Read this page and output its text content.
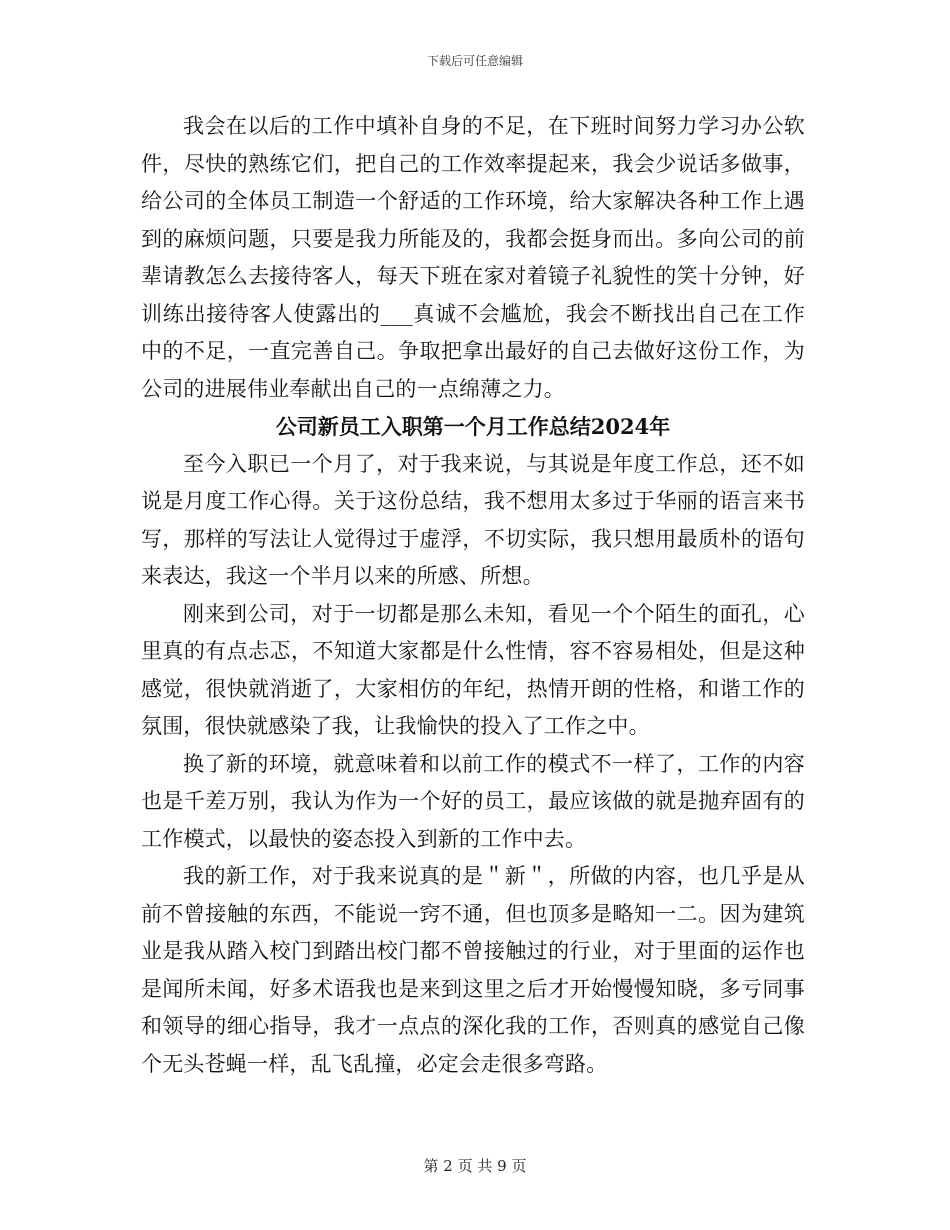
下载后可任意编辑

我会在以后的工作中填补自身的不足，在下班时间努力学习办公软件，尽快的熟练它们，把自己的工作效率提起来，我会少说话多做事，给公司的全体员工制造一个舒适的工作环境，给大家解决各种工作上遇到的麻烦问题，只要是我力所能及的，我都会挺身而出。多向公司的前辈请教怎么去接待客人，每天下班在家对着镜子礼貌性的笑十分钟，好训练出接待客人使露出的___真诚不会尴尬，我会不断找出自己在工作中的不足，一直完善自己。争取把拿出最好的自己去做好这份工作，为公司的进展伟业奉献出自己的一点绵薄之力。

公司新员工入职第一个月工作总结2024年

至今入职已一个月了，对于我来说，与其说是年度工作总，还不如说是月度工作心得。关于这份总结，我不想用太多过于华丽的语言来书写，那样的写法让人觉得过于虚浮，不切实际，我只想用最质朴的语句来表达，我这一个半月以来的所感、所想。

刚来到公司，对于一切都是那么未知，看见一个个陌生的面孔，心里真的有点忐忑，不知道大家都是什么性情，容不容易相处，但是这种感觉，很快就消逝了，大家相仿的年纪，热情开朗的性格，和谐工作的氛围，很快就感染了我，让我愉快的投入了工作之中。

换了新的环境，就意味着和以前工作的模式不一样了，工作的内容也是千差万别，我认为作为一个好的员工，最应该做的就是抛弃固有的工作模式，以最快的姿态投入到新的工作中去。

我的新工作，对于我来说真的是＂新＂，所做的内容，也几乎是从前不曾接触的东西，不能说一窍不通，但也顶多是略知一二。因为建筑业是我从踏入校门到踏出校门都不曾接触过的行业，对于里面的运作也是闻所未闻，好多术语我也是来到这里之后才开始慢慢知晓，多亏同事和领导的细心指导，我才一点点的深化我的工作，否则真的感觉自己像个无头苍蝇一样，乱飞乱撞，必定会走很多弯路。

第 2 页 共 9 页
